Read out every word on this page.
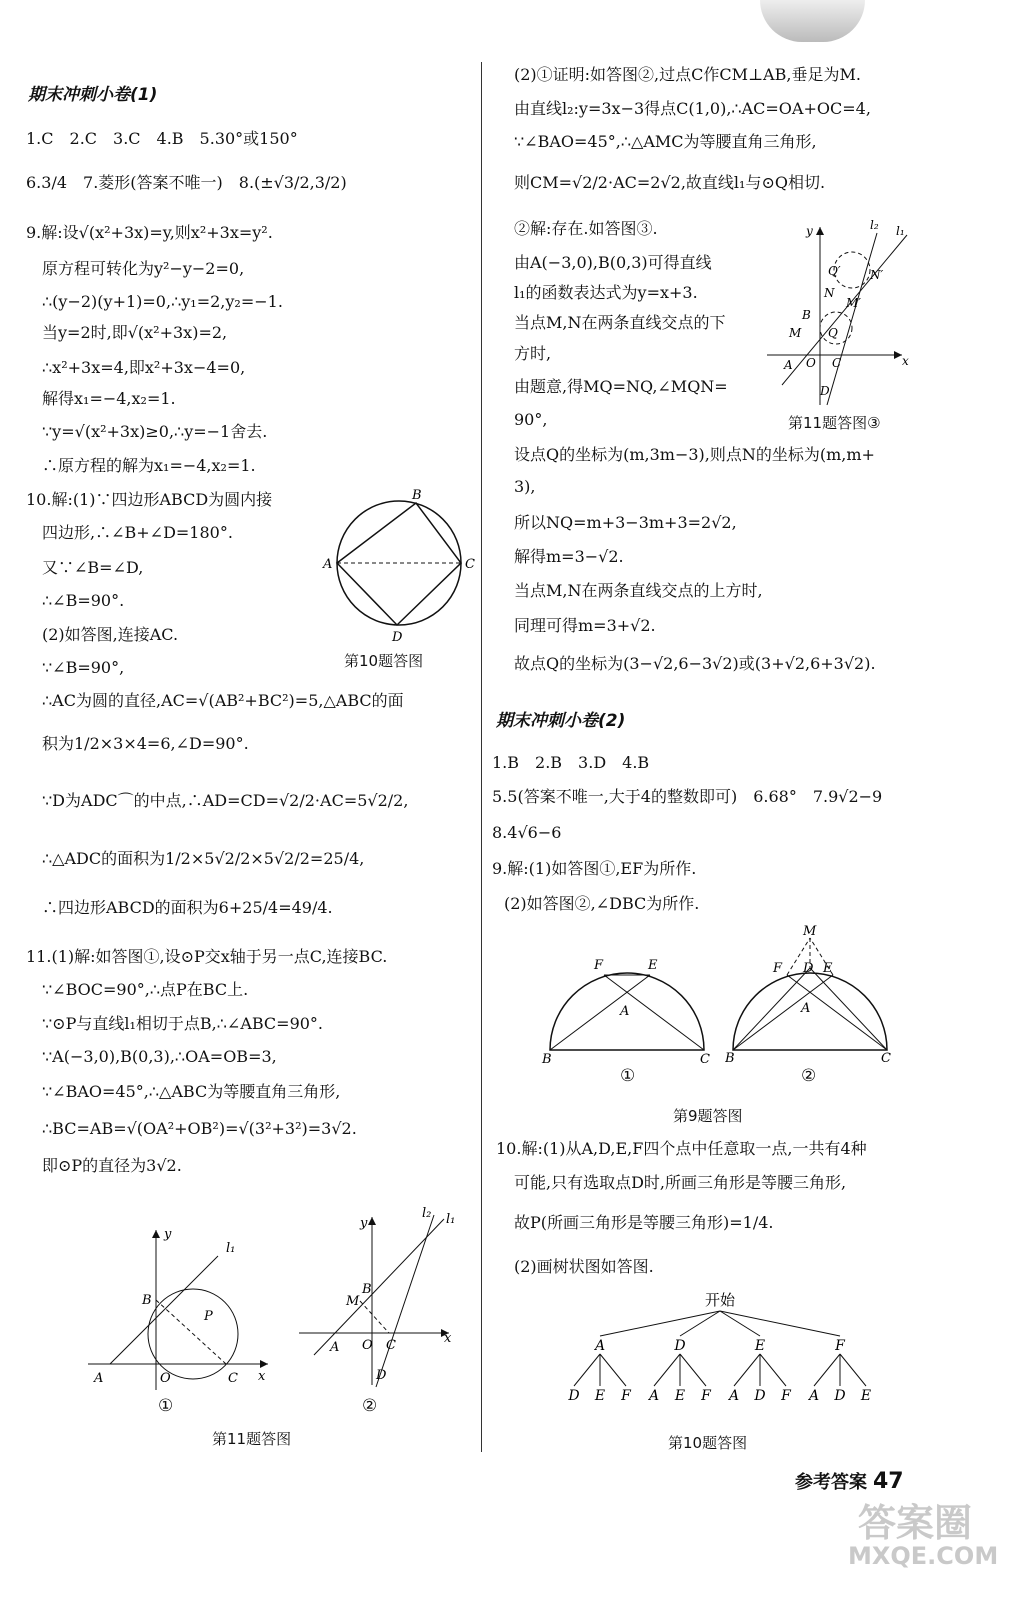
期末冲刺小卷(1)
1.C　2.C　3.C　4.B　5.30°或150°
6.3/4　7.菱形(答案不唯一)　8.(±√3/2,3/2)
9.解:设√(x²+3x)=y,则x²+3x=y².
原方程可转化为y²−y−2=0,
∴(y−2)(y+1)=0,∴y₁=2,y₂=−1.
当y=2时,即√(x²+3x)=2,
∴x²+3x=4,即x²+3x−4=0,
解得x₁=−4,x₂=1.
∵y=√(x²+3x)≥0,∴y=−1舍去.
∴原方程的解为x₁=−4,x₂=1.
10.解:(1)∵四边形ABCD为圆内接
四边形,∴∠B+∠D=180°.
又∵∠B=∠D,
∴∠B=90°.
(2)如答图,连接AC.
∵∠B=90°,
∴AC为圆的直径,AC=√(AB²+BC²)=5,△ABC的面
积为1/2×3×4=6,∠D=90°.
∵D为ADC⌒的中点,∴AD=CD=√2/2·AC=5√2/2,
∴△ADC的面积为1/2×5√2/2×5√2/2=25/4,
∴四边形ABCD的面积为6+25/4=49/4.
11.(1)解:如答图①,设⊙P交x轴于另一点C,连接BC.
∵∠BOC=90°,∴点P在BC上.
∵⊙P与直线l₁相切于点B,∴∠ABC=90°.
∵A(−3,0),B(0,3),∴OA=OB=3,
∵∠BAO=45°,∴△ABC为等腰直角三角形,
∴BC=AB=√(OA²+OB²)=√(3²+3²)=3√2.
即⊙P的直径为3√2.
B
A	C
D
第10题答图
A	O	C
B
P
x
y
l₁
①
A O C
B
M
D
x
y
l₂ l₁
②
第11题答图
(2)①证明:如答图②,过点C作CM⊥AB,垂足为M.
由直线l₂:y=3x−3得点C(1,0),∴AC=OA+OC=4,
∵∠BAO=45°,∴△AMC为等腰直角三角形,
则CM=√2/2·AC=2√2,故直线l₁与⊙Q相切.
②解:存在.如答图③.
由A(−3,0),B(0,3)可得直线
l₁的函数表达式为y=x+3.
当点M,N在两条直线交点的下
方时,
由题意,得MQ=NQ,∠MQN=
90°,
设点Q的坐标为(m,3m−3),则点N的坐标为(m,m+
3),
所以NQ=m+3−3m+3=2√2,
解得m=3−√2.
当点M,N在两条直线交点的上方时,
同理可得m=3+√2.
故点Q的坐标为(3−√2,6−3√2)或(3+√2,6+3√2).
Q′ N′
N
M′
B
M Q
A O C
D
x
y	l₂ l₁
第11题答图③
期末冲刺小卷(2)
1.B　2.B　3.D　4.B
5.5(答案不唯一,大于4的整数即可)　6.68°　7.9√2−9
8.4√6−6
9.解:(1)如答图①,EF为所作.
(2)如答图②,∠DBC为所作.
B	C
F	E
A
M
F D E
A
B	C
①	②
第9题答图
10.解:(1)从A,D,E,F四个点中任意取一点,一共有4种
可能,只有选取点D时,所画三角形是等腰三角形,
故P(所画三角形是等腰三角形)=1/4.
(2)画树状图如答图.
开始
A
D E F
D
A E F
E
A D F
F
A D E
第10题答图
参考答案 47
答案圈
MXQE.COM
